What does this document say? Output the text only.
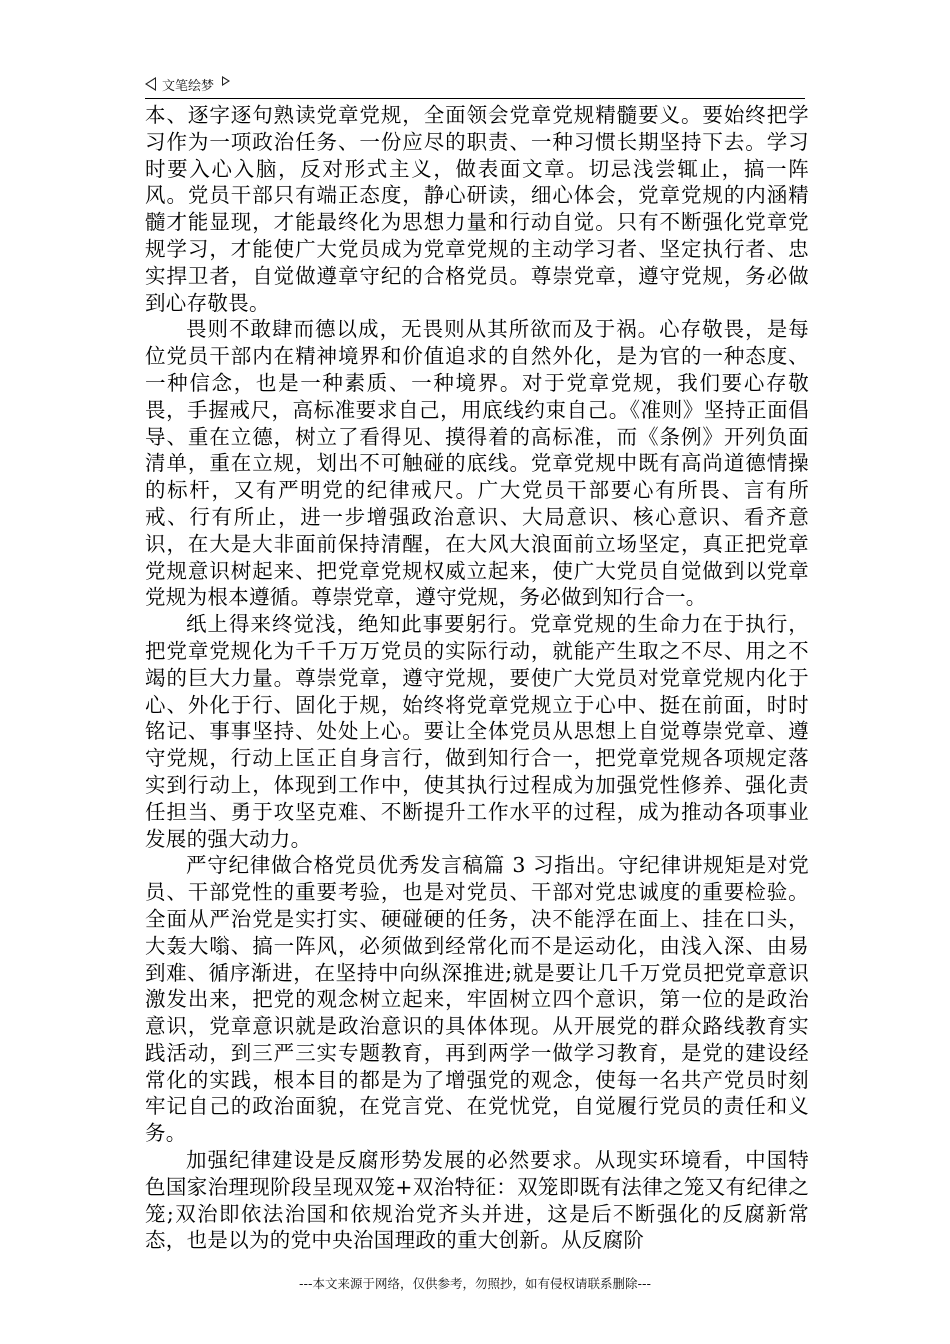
文笔绘梦

本、逐字逐句熟读党章党规，全面领会党章党规精髓要义。要始终把学习作为一项政治任务、一份应尽的职责、一种习惯长期坚持下去。学习时要入心入脑，反对形式主义，做表面文章。切忌浅尝辄止，搞一阵风。党员干部只有端正态度，静心研读，细心体会，党章党规的内涵精髓才能显现，才能最终化为思想力量和行动自觉。只有不断强化党章党规学习，才能使广大党员成为党章党规的主动学习者、坚定执行者、忠实捍卫者，自觉做遵章守纪的合格党员。尊崇党章，遵守党规，务必做到心存敬畏。

畏则不敢肆而德以成，无畏则从其所欲而及于祸。心存敬畏，是每位党员干部内在精神境界和价值追求的自然外化，是为官的一种态度、一种信念，也是一种素质、一种境界。对于党章党规，我们要心存敬畏，手握戒尺，高标准要求自己，用底线约束自己。《准则》坚持正面倡导、重在立德，树立了看得见、摸得着的高标准，而《条例》开列负面清单，重在立规，划出不可触碰的底线。党章党规中既有高尚道德情操的标杆，又有严明党的纪律戒尺。广大党员干部要心有所畏、言有所戒、行有所止，进一步增强政治意识、大局意识、核心意识、看齐意识，在大是大非面前保持清醒，在大风大浪面前立场坚定，真正把党章党规意识树起来、把党章党规权威立起来，使广大党员自觉做到以党章党规为根本遵循。尊崇党章，遵守党规，务必做到知行合一。

纸上得来终觉浅，绝知此事要躬行。党章党规的生命力在于执行，把党章党规化为千千万万党员的实际行动，就能产生取之不尽、用之不竭的巨大力量。尊崇党章，遵守党规，要使广大党员对党章党规内化于心、外化于行、固化于规，始终将党章党规立于心中、挺在前面，时时铭记、事事坚持、处处上心。要让全体党员从思想上自觉尊崇党章、遵守党规，行动上匡正自身言行，做到知行合一，把党章党规各项规定落实到行动上，体现到工作中，使其执行过程成为加强党性修养、强化责任担当、勇于攻坚克难、不断提升工作水平的过程，成为推动各项事业发展的强大动力。

严守纪律做合格党员优秀发言稿篇 3 习指出。守纪律讲规矩是对党员、干部党性的重要考验，也是对党员、干部对党忠诚度的重要检验。全面从严治党是实打实、硬碰硬的任务，决不能浮在面上、挂在口头，大轰大嗡、搞一阵风，必须做到经常化而不是运动化，由浅入深、由易到难、循序渐进，在坚持中向纵深推进;就是要让几千万党员把党章意识激发出来，把党的观念树立起来，牢固树立四个意识，第一位的是政治意识，党章意识就是政治意识的具体体现。从开展党的群众路线教育实践活动，到三严三实专题教育，再到两学一做学习教育，是党的建设经常化的实践，根本目的都是为了增强党的观念，使每一名共产党员时刻牢记自己的政治面貌，在党言党、在党忧党，自觉履行党员的责任和义务。

加强纪律建设是反腐形势发展的必然要求。从现实环境看，中国特色国家治理现阶段呈现双笼+双治特征：双笼即既有法律之笼又有纪律之笼;双治即依法治国和依规治党齐头并进，这是后不断强化的反腐新常态，也是以为的党中央治国理政的重大创新。从反腐阶

---本文来源于网络，仅供参考，勿照抄，如有侵权请联系删除---
